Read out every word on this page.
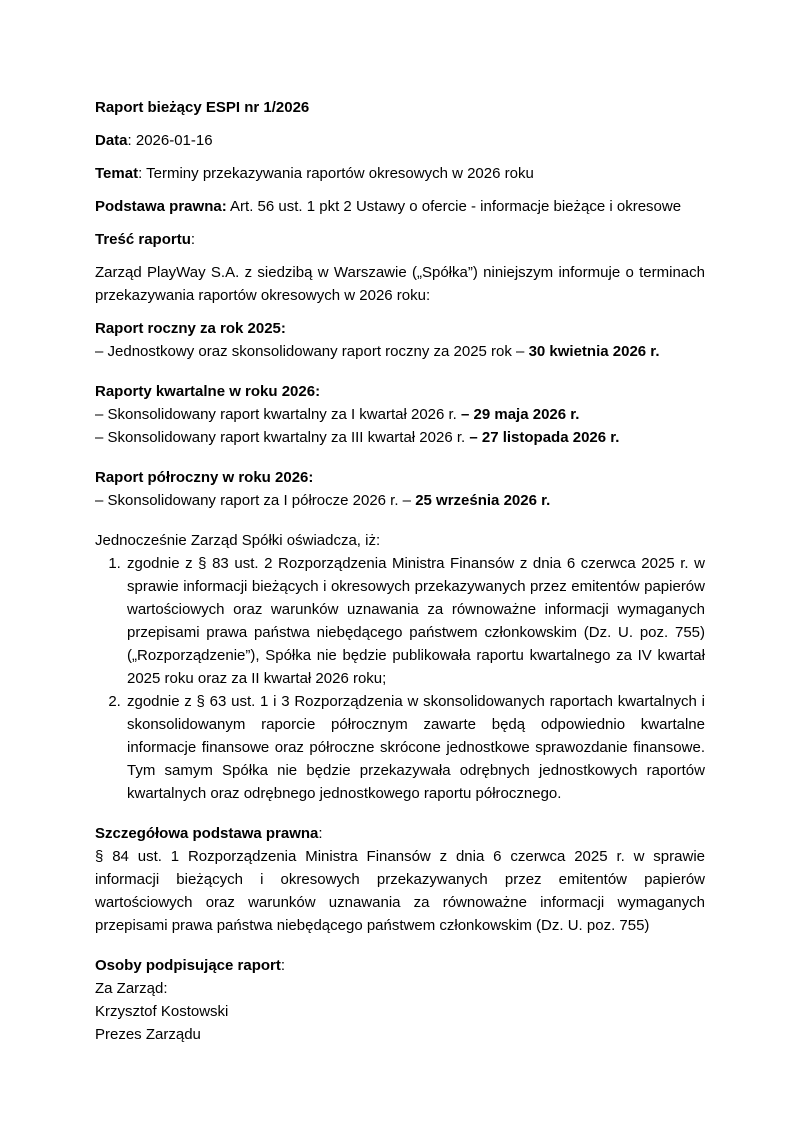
Raport bieżący ESPI nr 1/2026

Data: 2026-01-16

Temat: Terminy przekazywania raportów okresowych w 2026 roku

Podstawa prawna: Art. 56 ust. 1 pkt 2 Ustawy o ofercie - informacje bieżące i okresowe

Treść raportu:

Zarząd PlayWay S.A. z siedzibą w Warszawie („Spółka”) niniejszym informuje o terminach przekazywania raportów okresowych w 2026 roku:

Raport roczny za rok 2025:
– Jednostkowy oraz skonsolidowany raport roczny za 2025 rok – 30 kwietnia 2026 r.
Raporty kwartalne w roku 2026:
– Skonsolidowany raport kwartalny za I kwartał 2026 r. – 29 maja 2026 r.
– Skonsolidowany raport kwartalny za III kwartał 2026 r. – 27 listopada 2026 r.
Raport półroczny w roku 2026:
– Skonsolidowany raport za I półrocze 2026 r. – 25 września 2026 r.
Jednocześnie Zarząd Spółki oświadcza, iż:
1. zgodnie z § 83 ust. 2 Rozporządzenia Ministra Finansów z dnia 6 czerwca 2025 r. w sprawie informacji bieżących i okresowych przekazywanych przez emitentów papierów wartościowych oraz warunków uznawania za równoważne informacji wymaganych przepisami prawa państwa niebędącego państwem członkowskim (Dz. U. poz. 755) („Rozporządzenie”), Spółka nie będzie publikowała raportu kwartalnego za IV kwartał 2025 roku oraz za II kwartał 2026 roku;
2. zgodnie z § 63 ust. 1 i 3 Rozporządzenia w skonsolidowanych raportach kwartalnych i skonsolidowanym raporcie półrocznym zawarte będą odpowiednio kwartalne informacje finansowe oraz półroczne skrócone jednostkowe sprawozdanie finansowe. Tym samym Spółka nie będzie przekazywała odrębnych jednostkowych raportów kwartalnych oraz odrębnego jednostkowego raportu półrocznego.
Szczegółowa podstawa prawna:

§ 84 ust. 1 Rozporządzenia Ministra Finansów z dnia 6 czerwca 2025 r. w sprawie informacji bieżących i okresowych przekazywanych przez emitentów papierów wartościowych oraz warunków uznawania za równoważne informacji wymaganych przepisami prawa państwa niebędącego państwem członkowskim (Dz. U. poz. 755)

Osoby podpisujące raport:
Za Zarząd:
Krzysztof Kostowski
Prezes Zarządu
